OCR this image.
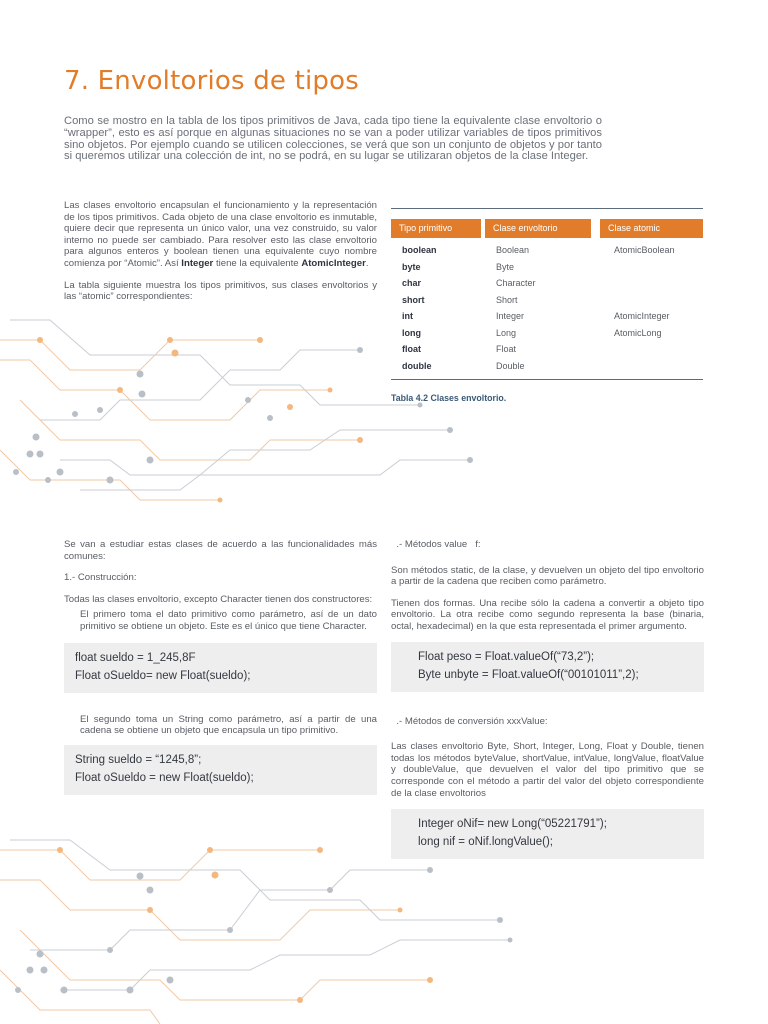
7. Envoltorios de tipos

Como se mostro en la tabla de los tipos primitivos de Java, cada tipo tiene la equivalente clase envoltorio o “wrapper”, esto es así porque en algunas situaciones no se van a poder utilizar variables de tipos primitivos sino objetos. Por ejemplo cuando se utilicen colecciones, se verá que son un conjunto de objetos y por tanto si queremos utilizar una colección de int, no se podrá, en su lugar se utilizaran objetos de la clase Integer.

Las clases envoltorio encapsulan el funcionamiento y la representación de los tipos primitivos. Cada objeto de una clase envoltorio es inmutable, quiere decir que representa un único valor, una vez construido, su valor interno no puede ser cambiado. Para resolver esto las clase envoltorio para algunos enteros y boolean tienen una equivalente cuyo nombre comienza por “Atomic”. Así Integer tiene la equivalente AtomicInteger.

La tabla siguiente muestra los tipos primitivos, sus clases envoltorios y las “atomic” correspondientes:

Tipo primitivo	Clase envoltorio	Clase atomic
boolean	Boolean	AtomicBoolean
byte	Byte
char	Character
short	Short
int	Integer	AtomicInteger
long	Long	AtomicLong
float	Float
double	Double
Tabla 4.2 Clases envoltorio.

Se van a estudiar estas clases de acuerdo a las funcionalidades más comunes:

1.- Construcción:

Todas las clases envoltorio, excepto Character tienen dos constructores:

El primero toma el dato primitivo como parámetro, así de un dato primitivo se obtiene un objeto. Este es el único que tiene Character.

float sueldo = 1_245,8F
Float oSueldo= new Float(sueldo);

El segundo toma un String como parámetro, así a partir de una cadena se obtiene un objeto que encapsula un tipo primitivo.

String sueldo = “1245,8”;
Float oSueldo = new Float(sueldo);

.- Métodos value   f:

Son métodos static, de la clase, y devuelven un objeto del tipo envoltorio a partir de la cadena que reciben como parámetro.

Tienen dos formas. Una recibe sólo la cadena a convertir a objeto tipo envoltorio. La otra recibe como segundo representa la base (binaria, octal, hexadecimal) en la que esta representada el primer argumento.

Float peso = Float.valueOf(“73,2”);
Byte unbyte = Float.valueOf(“00101011”,2);

.- Métodos de conversión xxxValue:

Las clases envoltorio Byte, Short, Integer, Long, Float y Double, tienen todas los métodos byteValue, shortValue, intValue, longValue, floatValue y doubleValue, que devuelven el valor del tipo primitivo que se corresponde con el método a partir del valor del objeto correspondiente de la clase envoltorios

Integer oNif= new Long(“05221791”);
long nif = oNif.longValue();
